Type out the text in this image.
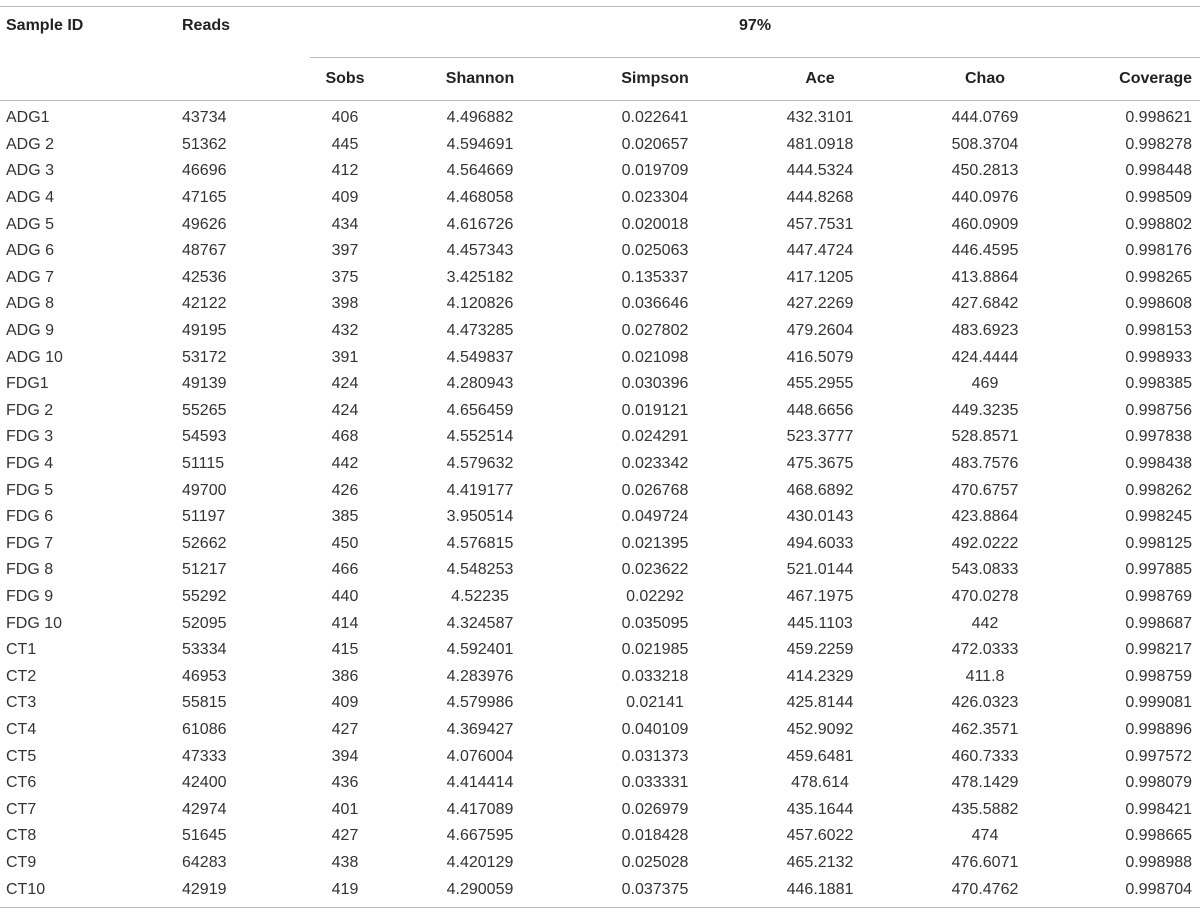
Sample ID	Reads	97%					
		Sobs	Shannon	Simpson	Ace	Chao	Coverage
ADG1	43734	406	4.496882	0.022641	432.3101	444.0769	0.998621
ADG 2	51362	445	4.594691	0.020657	481.0918	508.3704	0.998278
ADG 3	46696	412	4.564669	0.019709	444.5324	450.2813	0.998448
ADG 4	47165	409	4.468058	0.023304	444.8268	440.0976	0.998509
ADG 5	49626	434	4.616726	0.020018	457.7531	460.0909	0.998802
ADG 6	48767	397	4.457343	0.025063	447.4724	446.4595	0.998176
ADG 7	42536	375	3.425182	0.135337	417.1205	413.8864	0.998265
ADG 8	42122	398	4.120826	0.036646	427.2269	427.6842	0.998608
ADG 9	49195	432	4.473285	0.027802	479.2604	483.6923	0.998153
ADG 10	53172	391	4.549837	0.021098	416.5079	424.4444	0.998933
FDG1	49139	424	4.280943	0.030396	455.2955	469	0.998385
FDG 2	55265	424	4.656459	0.019121	448.6656	449.3235	0.998756
FDG 3	54593	468	4.552514	0.024291	523.3777	528.8571	0.997838
FDG 4	51115	442	4.579632	0.023342	475.3675	483.7576	0.998438
FDG 5	49700	426	4.419177	0.026768	468.6892	470.6757	0.998262
FDG 6	51197	385	3.950514	0.049724	430.0143	423.8864	0.998245
FDG 7	52662	450	4.576815	0.021395	494.6033	492.0222	0.998125
FDG 8	51217	466	4.548253	0.023622	521.0144	543.0833	0.997885
FDG 9	55292	440	4.52235	0.02292	467.1975	470.0278	0.998769
FDG 10	52095	414	4.324587	0.035095	445.1103	442	0.998687
CT1	53334	415	4.592401	0.021985	459.2259	472.0333	0.998217
CT2	46953	386	4.283976	0.033218	414.2329	411.8	0.998759
CT3	55815	409	4.579986	0.02141	425.8144	426.0323	0.999081
CT4	61086	427	4.369427	0.040109	452.9092	462.3571	0.998896
CT5	47333	394	4.076004	0.031373	459.6481	460.7333	0.997572
CT6	42400	436	4.414414	0.033331	478.614	478.1429	0.998079
CT7	42974	401	4.417089	0.026979	435.1644	435.5882	0.998421
CT8	51645	427	4.667595	0.018428	457.6022	474	0.998665
CT9	64283	438	4.420129	0.025028	465.2132	476.6071	0.998988
CT10	42919	419	4.290059	0.037375	446.1881	470.4762	0.998704
